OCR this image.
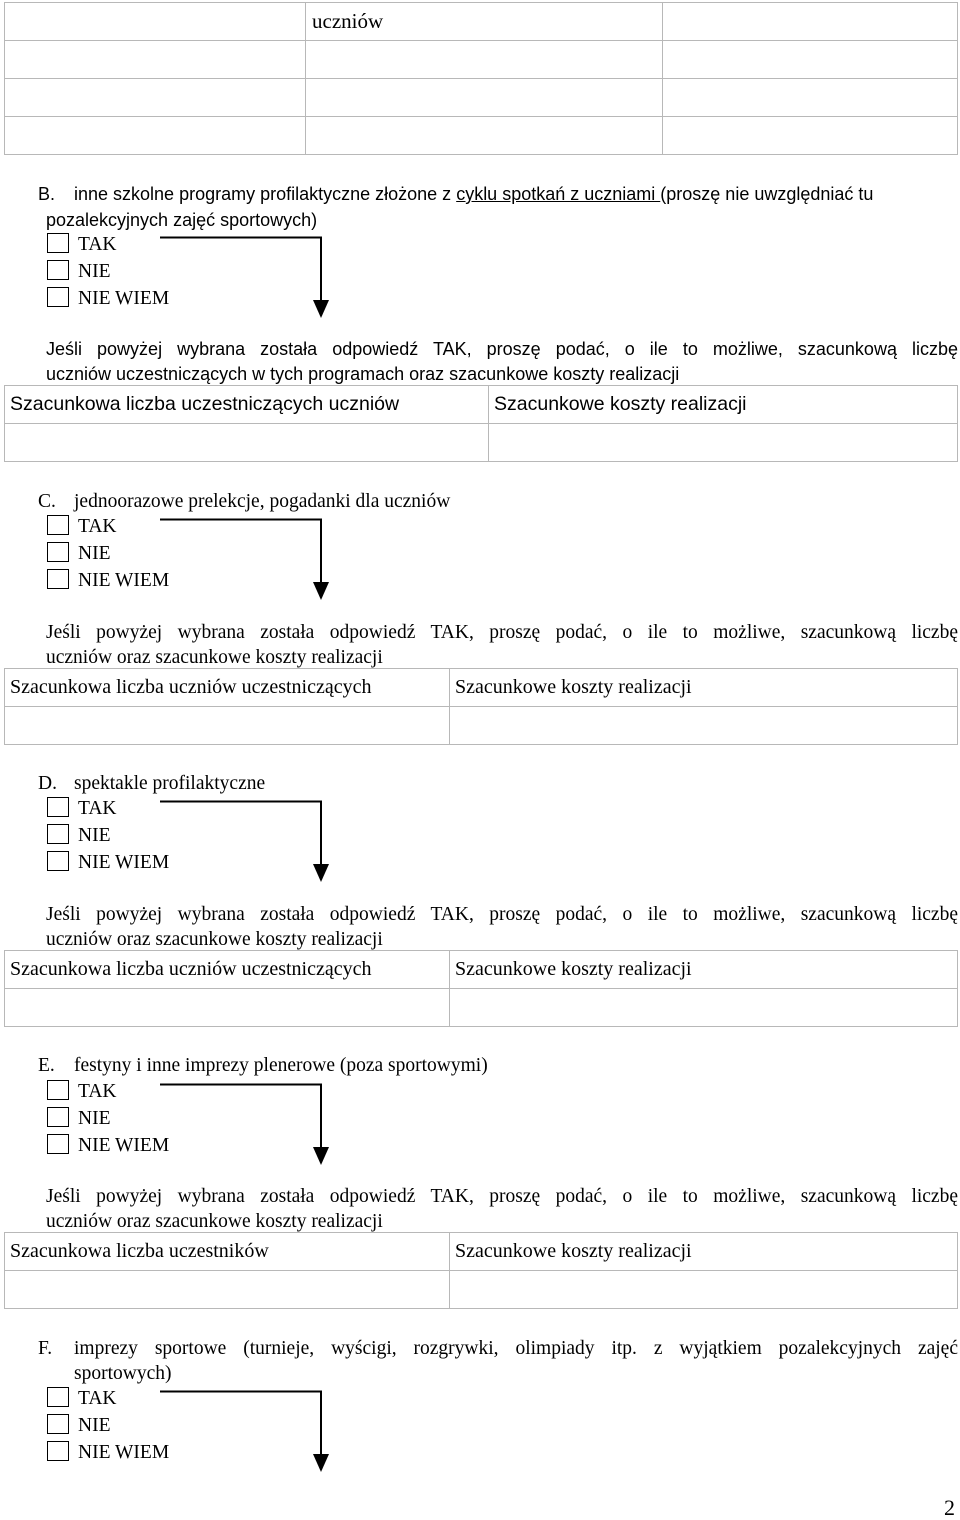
	uczniów	

B. inne szkolne programy profilaktyczne złożone z cyklu spotkań z uczniami (proszę nie uwzględniać tu
pozalekcyjnych zajęć sportowych)
TAK
NIE
NIE WIEM
Jeśli powyżej wybrana została odpowiedź TAK, proszę podać, o ile to możliwe, szacunkową liczbę
uczniów uczestniczących w tych programach oraz szacunkowe koszty realizacji
Szacunkowa liczba uczestniczących uczniów	Szacunkowe koszty realizacji

C. jednoorazowe prelekcje, pogadanki dla uczniów
TAK
NIE
NIE WIEM
Jeśli powyżej wybrana została odpowiedź TAK, proszę podać, o ile to możliwe, szacunkową liczbę
uczniów oraz szacunkowe koszty realizacji
Szacunkowa liczba uczniów uczestniczących	Szacunkowe koszty realizacji

D. spektakle profilaktyczne
TAK
NIE
NIE WIEM
Jeśli powyżej wybrana została odpowiedź TAK, proszę podać, o ile to możliwe, szacunkową liczbę
uczniów oraz szacunkowe koszty realizacji
Szacunkowa liczba uczniów uczestniczących	Szacunkowe koszty realizacji

E. festyny i inne imprezy plenerowe (poza sportowymi)
TAK
NIE
NIE WIEM
Jeśli powyżej wybrana została odpowiedź TAK, proszę podać, o ile to możliwe, szacunkową liczbę
uczniów oraz szacunkowe koszty realizacji
Szacunkowa liczba uczestników	Szacunkowe koszty realizacji

F. imprezy sportowe (turnieje, wyścigi, rozgrywki, olimpiady itp. z wyjątkiem pozalekcyjnych zajęć
sportowych)
TAK
NIE
NIE WIEM
2
